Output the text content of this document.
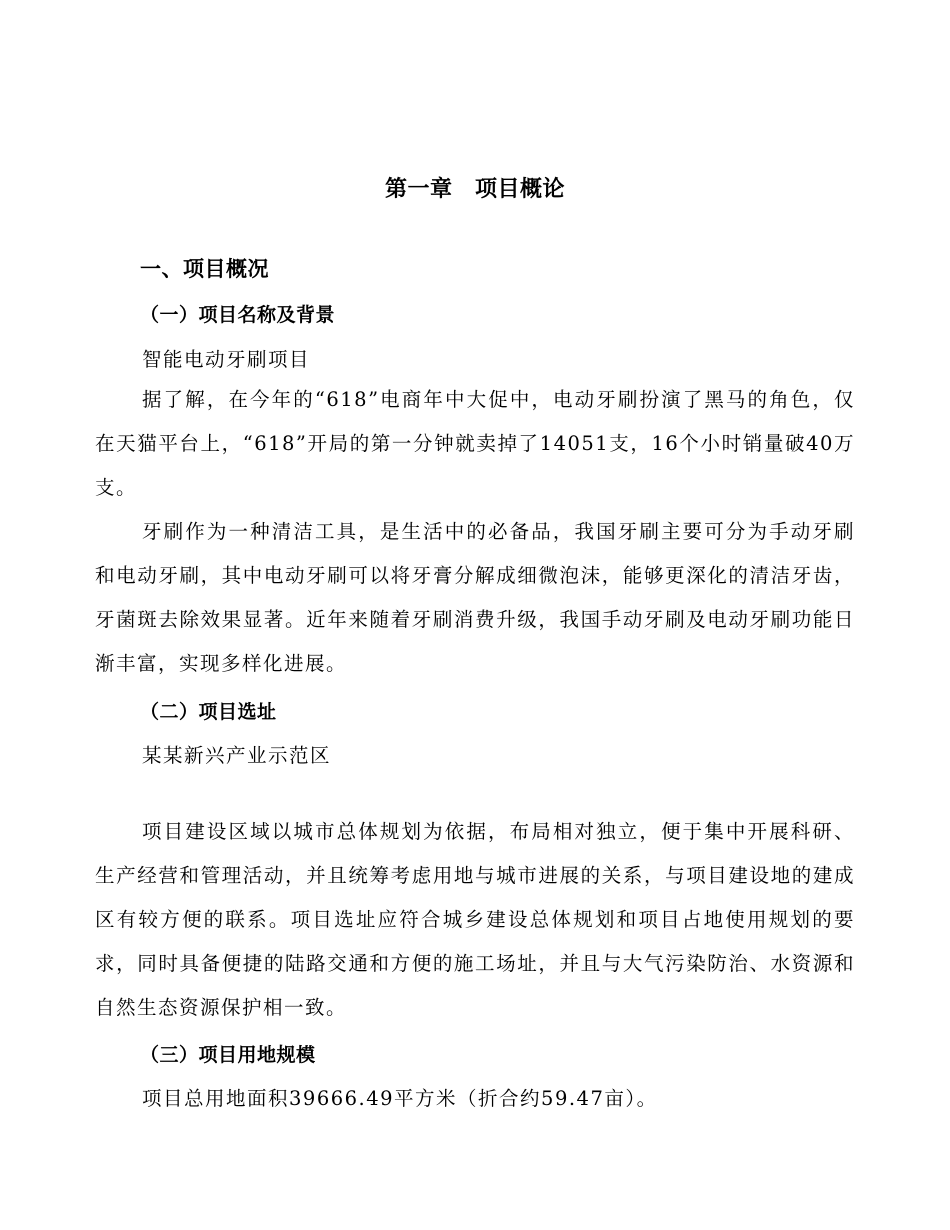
第一章　项目概论
一、项目概况
（一）项目名称及背景
智能电动牙刷项目

据了解，在今年的“618”电商年中大促中，电动牙刷扮演了黑马的角色，仅在天猫平台上，“618”开局的第一分钟就卖掉了14051支，16个小时销量破40万支。

牙刷作为一种清洁工具，是生活中的必备品，我国牙刷主要可分为手动牙刷和电动牙刷，其中电动牙刷可以将牙膏分解成细微泡沫，能够更深化的清洁牙齿，牙菌斑去除效果显著。近年来随着牙刷消费升级，我国手动牙刷及电动牙刷功能日渐丰富，实现多样化进展。

（二）项目选址
某某新兴产业示范区

项目建设区域以城市总体规划为依据，布局相对独立，便于集中开展科研、生产经营和管理活动，并且统筹考虑用地与城市进展的关系，与项目建设地的建成区有较方便的联系。项目选址应符合城乡建设总体规划和项目占地使用规划的要求，同时具备便捷的陆路交通和方便的施工场址，并且与大气污染防治、水资源和自然生态资源保护相一致。

（三）项目用地规模
项目总用地面积39666.49平方米（折合约59.47亩）。
